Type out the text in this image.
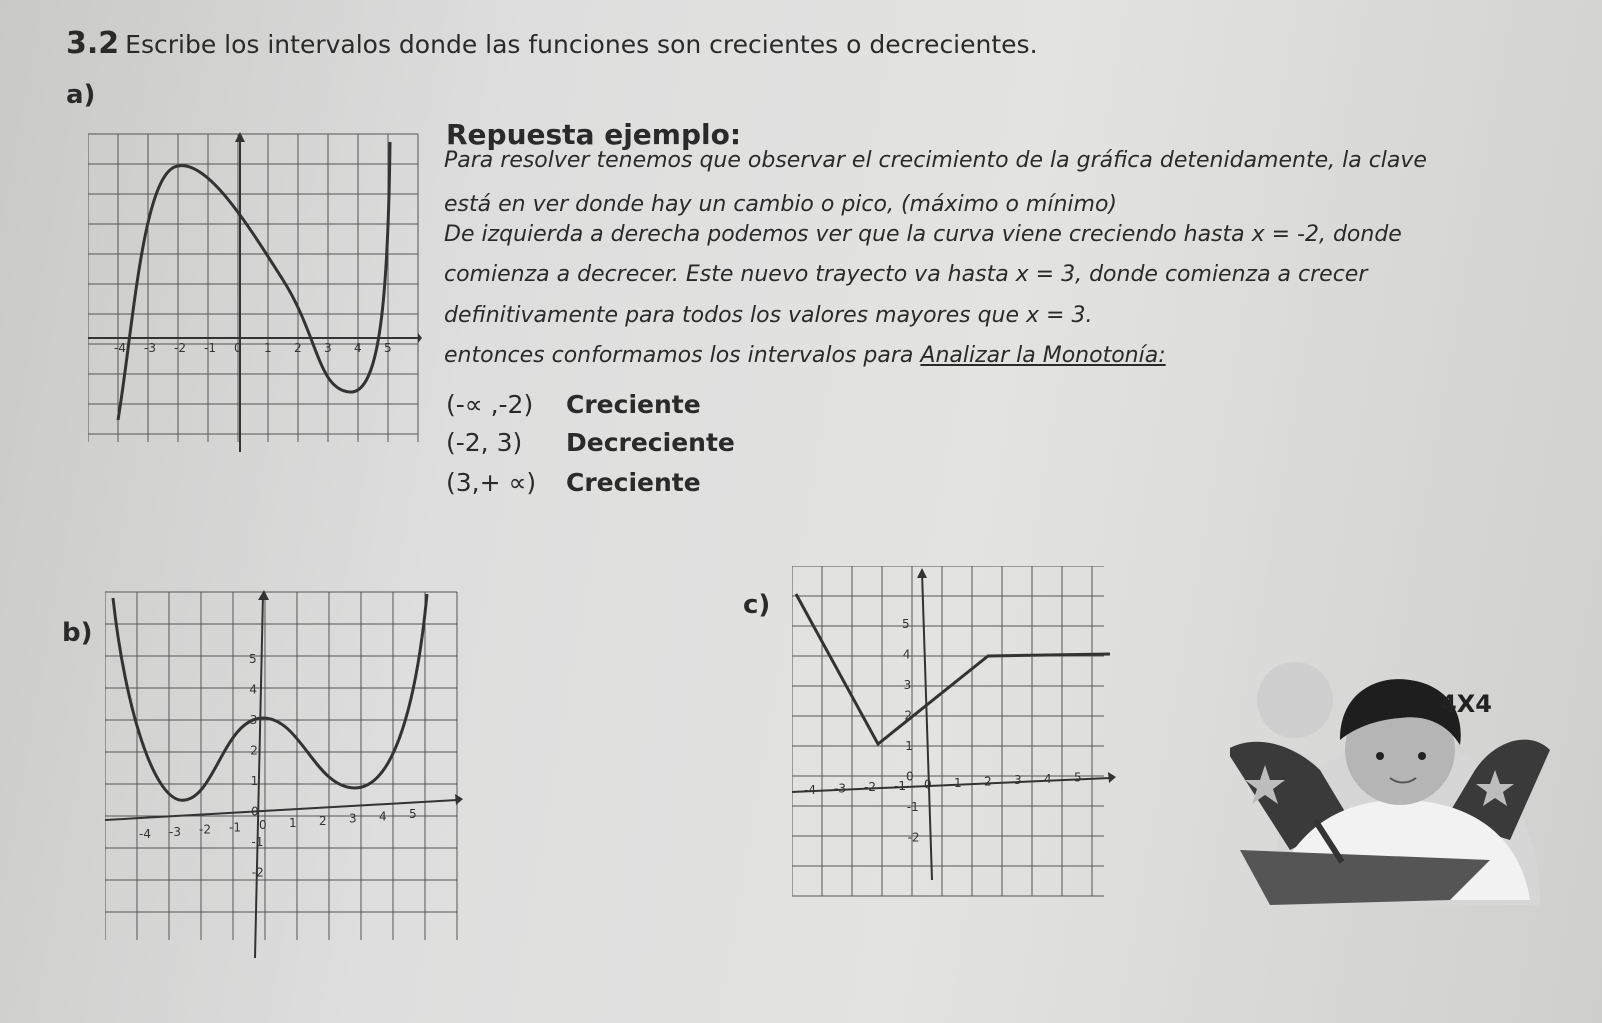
3.2 Escribe los intervalos donde las funciones son crecientes o decrecientes.
a)
-4 -3 -2 -1 0 1 2 3 4 5
Repuesta ejemplo:
Para resolver tenemos que observar el crecimiento de la gráfica detenidamente, la clave
está en ver donde hay un cambio o pico, (máximo o mínimo)
De izquierda a derecha podemos ver que la curva viene creciendo hasta x = -2, donde
comienza a decrecer. Este nuevo trayecto va hasta x = 3, donde comienza a crecer
definitivamente para todos los valores mayores que x = 3.
entonces conformamos los intervalos para Analizar la Monotonía:
(-∝ ,-2) Creciente
(-2, 3) Decreciente
(3,+ ∝) Creciente
b)
-4 -3 -2 -1 0 1 2 3 4 5
5
4
3
2
1
0
-1
-2
c)
-4 -3 -2 -1 0 1 2 3 4 5
5
4
3
2
1
0
-1
-2
4X4
